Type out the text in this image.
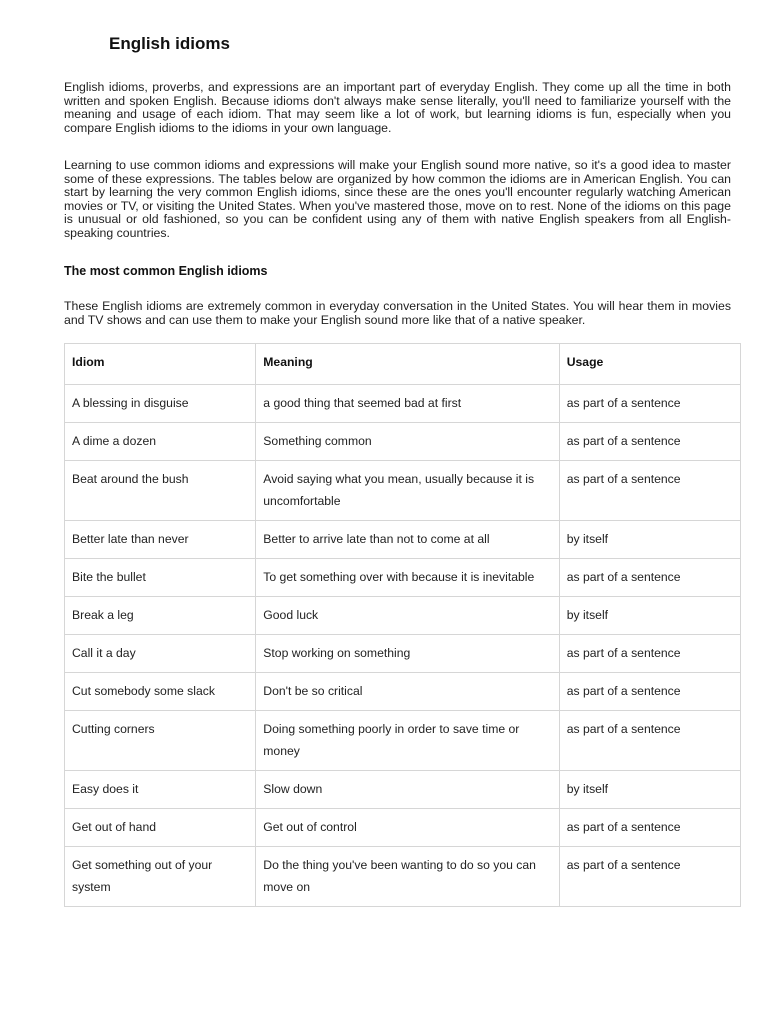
English idioms

English idioms, proverbs, and expressions are an important part of everyday English. They come up all the time in both written and spoken English. Because idioms don't always make sense literally, you'll need to familiarize yourself with the meaning and usage of each idiom. That may seem like a lot of work, but learning idioms is fun, especially when you compare English idioms to the idioms in your own language.

Learning to use common idioms and expressions will make your English sound more native, so it's a good idea to master some of these expressions. The tables below are organized by how common the idioms are in American English. You can start by learning the very common English idioms, since these are the ones you'll encounter regularly watching American movies or TV, or visiting the United States. When you've mastered those, move on to rest. None of the idioms on this page is unusual or old fashioned, so you can be confident using any of them with native English speakers from all English-speaking countries.

The most common English idioms

These English idioms are extremely common in everyday conversation in the United States. You will hear them in movies and TV shows and can use them to make your English sound more like that of a native speaker.

Idiom	Meaning	Usage
A blessing in disguise	a good thing that seemed bad at first	as part of a sentence
A dime a dozen	Something common	as part of a sentence
Beat around the bush	Avoid saying what you mean, usually because it is uncomfortable	as part of a sentence
Better late than never	Better to arrive late than not to come at all	by itself
Bite the bullet	To get something over with because it is inevitable	as part of a sentence
Break a leg	Good luck	by itself
Call it a day	Stop working on something	as part of a sentence
Cut somebody some slack	Don't be so critical	as part of a sentence
Cutting corners	Doing something poorly in order to save time or money	as part of a sentence
Easy does it	Slow down	by itself
Get out of hand	Get out of control	as part of a sentence
Get something out of your system	Do the thing you've been wanting to do so you can move on	as part of a sentence
